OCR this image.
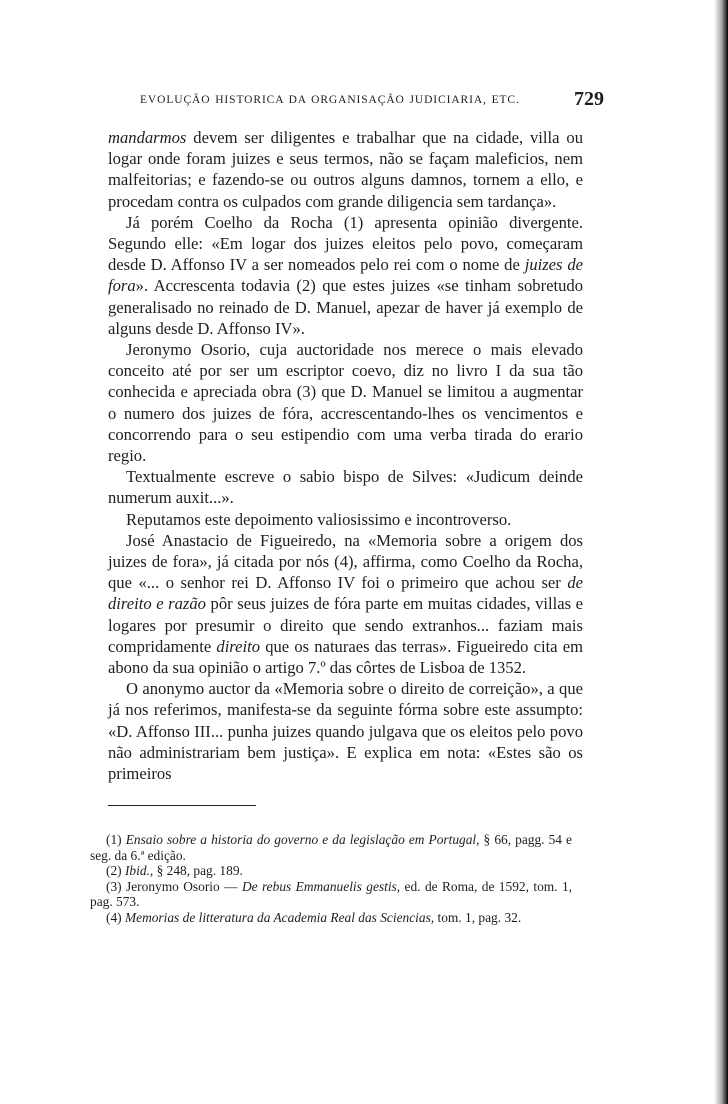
EVOLUÇÃO HISTORICA DA ORGANISAÇÃO JUDICIARIA, ETC.	729

mandarmos devem ser diligentes e trabalhar que na cidade, villa ou logar onde foram juizes e seus termos, não se façam maleficios, nem malfeitorias; e fazendo-se ou outros alguns damnos, tornem a ello, e procedam contra os culpados com grande diligencia sem tardança».

Já porém Coelho da Rocha (1) apresenta opinião divergente. Segundo elle: «Em logar dos juizes eleitos pelo povo, começaram desde D. Affonso IV a ser nomeados pelo rei com o nome de juizes de fora». Accrescenta todavia (2) que estes juizes «se tinham sobretudo generalisado no reinado de D. Manuel, apezar de haver já exemplo de alguns desde D. Affonso IV».

Jeronymo Osorio, cuja auctoridade nos merece o mais elevado conceito até por ser um escriptor coevo, diz no livro I da sua tão conhecida e apreciada obra (3) que D. Manuel se limitou a augmentar o numero dos juizes de fóra, accrescentando-lhes os vencimentos e concorrendo para o seu estipendio com uma verba tirada do erario regio.

Textualmente escreve o sabio bispo de Silves: «Judicum deinde numerum auxit...».

Reputamos este depoimento valiosissimo e incontroverso.

José Anastacio de Figueiredo, na «Memoria sobre a origem dos juizes de fora», já citada por nós (4), affirma, como Coelho da Rocha, que «... o senhor rei D. Affonso IV foi o primeiro que achou ser de direito e razão pôr seus juizes de fóra parte em muitas cidades, villas e logares por presumir o direito que sendo extranhos... faziam mais compridamente direito que os naturaes das terras». Figueiredo cita em abono da sua opinião o artigo 7.º das côrtes de Lisboa de 1352.

O anonymo auctor da «Memoria sobre o direito de correição», a que já nos referimos, manifesta-se da seguinte fórma sobre este assumpto: «D. Affonso III... punha juizes quando julgava que os eleitos pelo povo não administrariam bem justiça». E explica em nota: «Estes são os primeiros

(1) Ensaio sobre a historia do governo e da legislação em Portugal, § 66, pagg. 54 e seg. da 6.ª edição.

(2) Ibid., § 248, pag. 189.

(3) Jeronymo Osorio — De rebus Emmanuelis gestis, ed. de Roma, de 1592, tom. 1, pag. 573.

(4) Memorias de litteratura da Academia Real das Sciencias, tom. 1, pag. 32.
